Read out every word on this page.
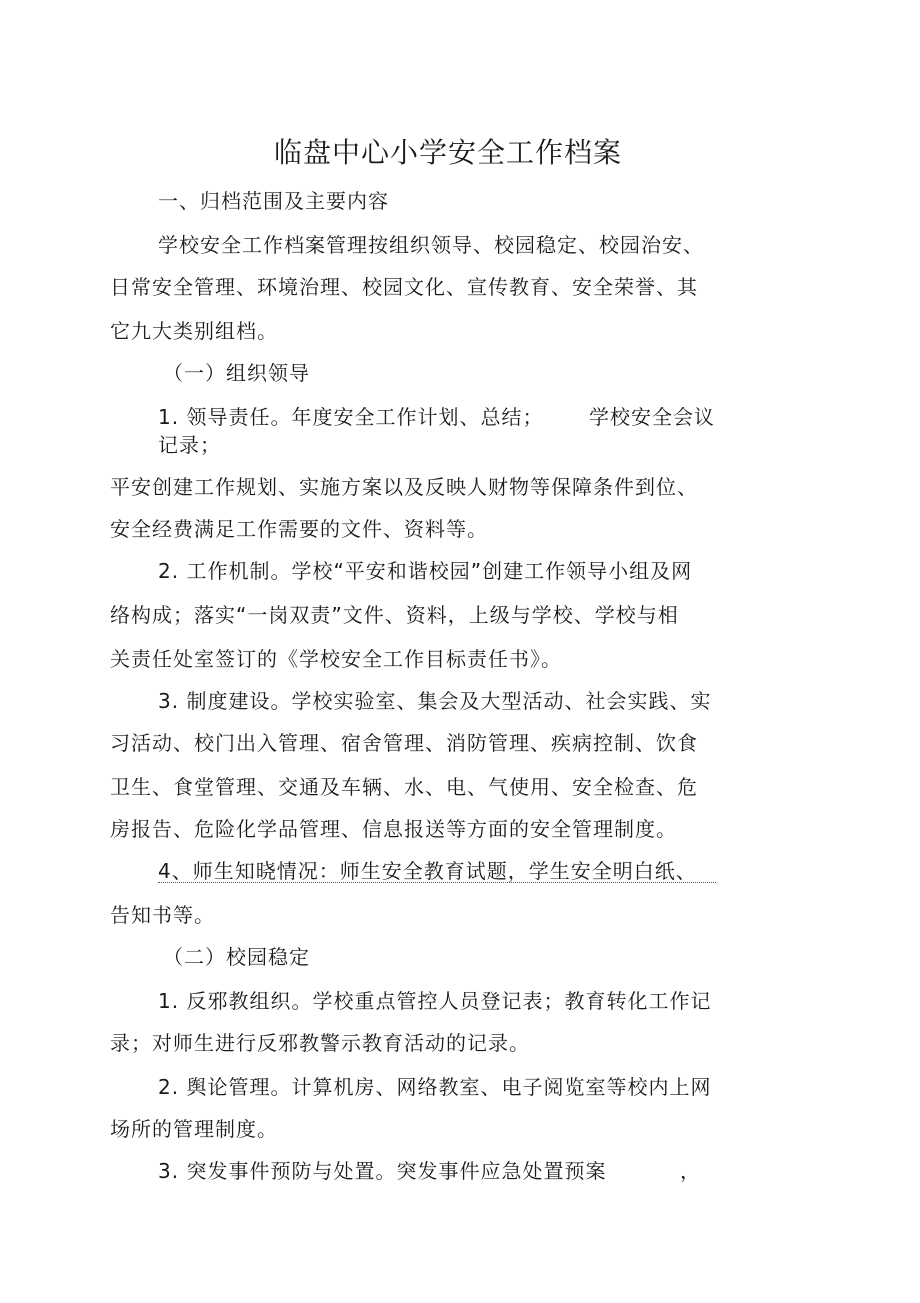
临盘中心小学安全工作档案
一、归档范围及主要内容
学校安全工作档案管理按组织领导、校园稳定、校园治安、
日常安全管理、环境治理、校园文化、宣传教育、安全荣誉、其
它九大类别组档。
（一）组织领导
1. 领导责任。年度安全工作计划、总结； 学校安全会议
记录；
平安创建工作规划、实施方案以及反映人财物等保障条件到位、
安全经费满足工作需要的文件、资料等。
2. 工作机制。学校“平安和谐校园”创建工作领导小组及网
络构成；落实“一岗双责”文件、资料，上级与学校、学校与相
关责任处室签订的《学校安全工作目标责任书》。
3. 制度建设。学校实验室、集会及大型活动、社会实践、实
习活动、校门出入管理、宿舍管理、消防管理、疾病控制、饮食
卫生、食堂管理、交通及车辆、水、电、气使用、安全检查、危
房报告、危险化学品管理、信息报送等方面的安全管理制度。
4、师生知晓情况：师生安全教育试题，学生安全明白纸、
告知书等。
（二）校园稳定
1. 反邪教组织。学校重点管控人员登记表；教育转化工作记
录；对师生进行反邪教警示教育活动的记录。
2. 舆论管理。计算机房、网络教室、电子阅览室等校内上网
场所的管理制度。
3. 突发事件预防与处置。突发事件应急处置预案	，
